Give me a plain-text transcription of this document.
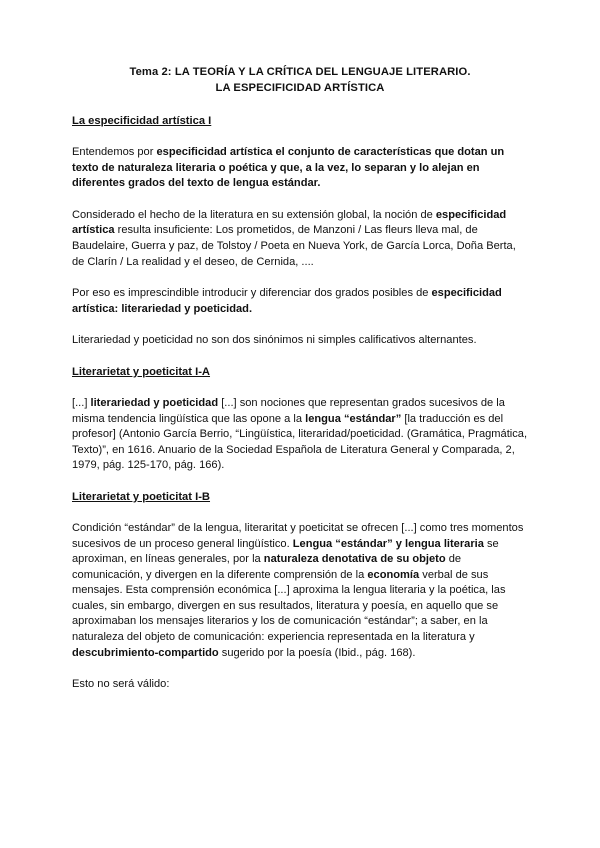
Tema 2: LA TEORÍA Y LA CRÍTICA DEL LENGUAJE LITERARIO.
LA ESPECIFICIDAD ARTÍSTICA
La especificidad artística I

Entendemos por especificidad artística el conjunto de características que dotan un texto de naturaleza literaria o poética y que, a la vez, lo separan y lo alejan en diferentes grados del texto de lengua estándar.

Considerado el hecho de la literatura en su extensión global, la noción de especificidad artística resulta insuficiente: Los prometidos, de Manzoni / Las fleurs lleva mal, de Baudelaire, Guerra y paz, de Tolstoy / Poeta en Nueva York, de García Lorca, Doña Berta, de Clarín / La realidad y el deseo, de Cernida, ....

Por eso es imprescindible introducir y diferenciar dos grados posibles de especificidad artística: literariedad y poeticidad.

Literariedad y poeticidad no son dos sinónimos ni simples calificativos alternantes.

Literarietat y poeticitat I-A

[...] literariedad y poeticidad [...] son nociones que representan grados sucesivos de la misma tendencia lingüística que las opone a la lengua “estándar” [la traducción es del profesor] (Antonio García Berrio, “Lingüística, literaridad/poeticidad. (Gramática, Pragmática, Texto)”, en 1616. Anuario de la Sociedad Española de Literatura General y Comparada, 2, 1979, pág. 125-170, pág. 166).

Literarietat y poeticitat I-B

Condición “estándar” de la lengua, literaritat y poeticitat se ofrecen [...] como tres momentos sucesivos de un proceso general lingüístico. Lengua “estándar” y lengua literaria se aproximan, en líneas generales, por la naturaleza denotativa de su objeto de comunicación, y divergen en la diferente comprensión de la economía verbal de sus mensajes. Esta comprensión económica [...] aproxima la lengua literaria y la poética, las cuales, sin embargo, divergen en sus resultados, literatura y poesía, en aquello que se aproximaban los mensajes literarios y los de comunicación “estándar”; a saber, en la naturaleza del objeto de comunicación: experiencia representada en la literatura y descubrimiento-compartido sugerido por la poesía (Ibid., pág. 168).

Esto no será válido:
